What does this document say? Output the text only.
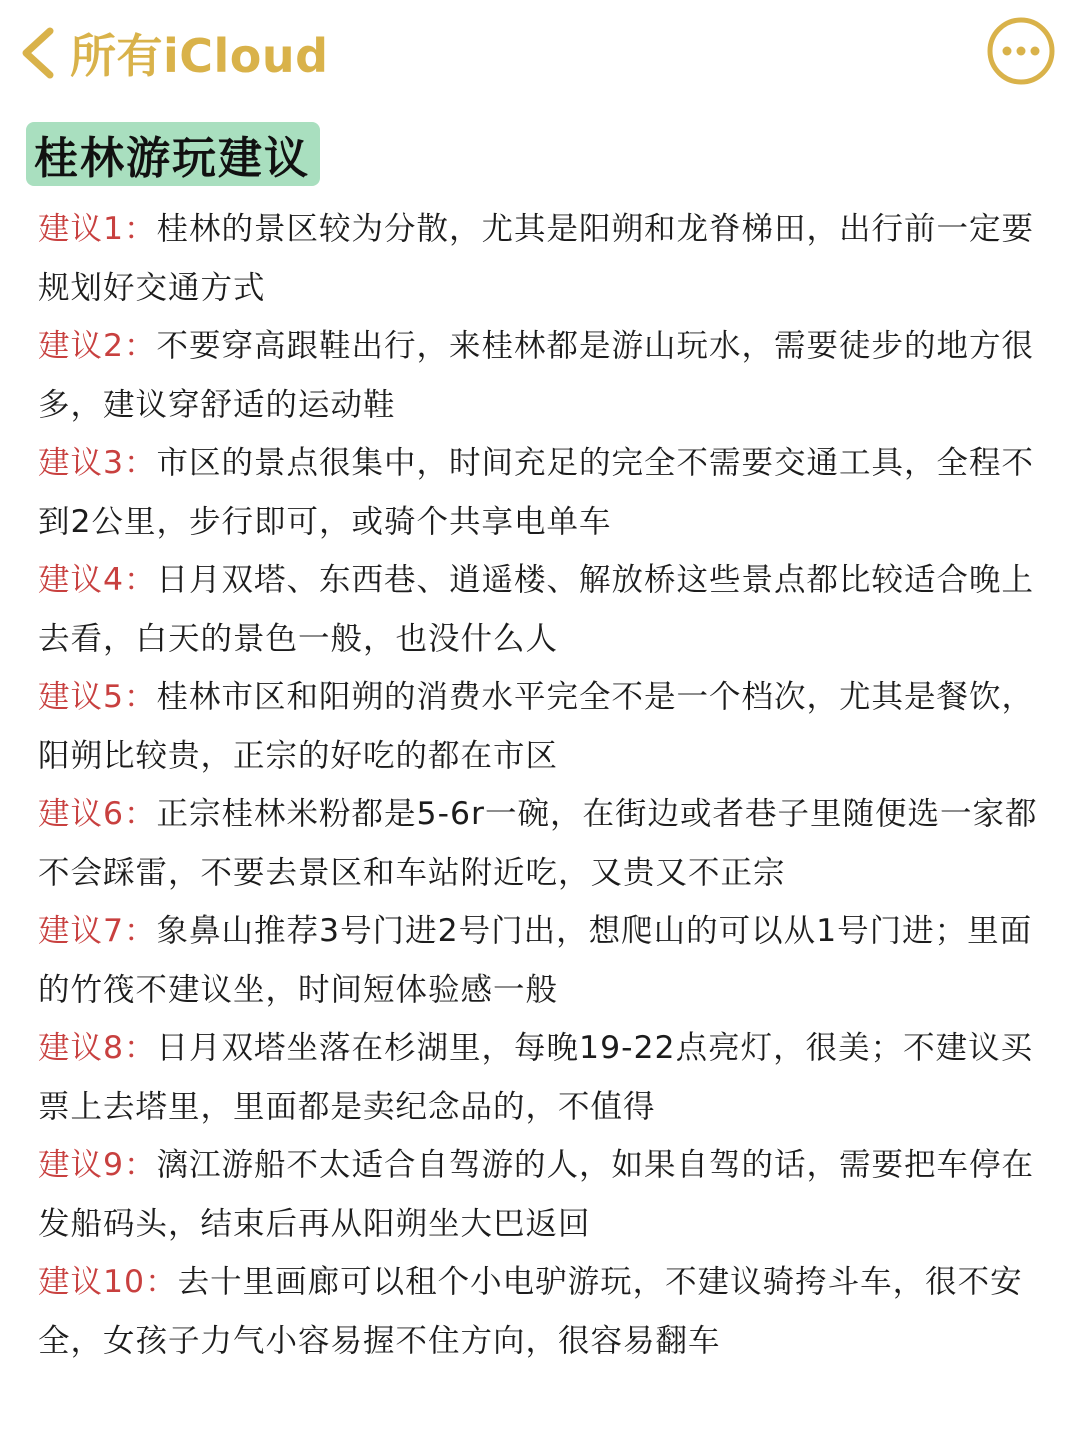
所有iCloud
桂林游玩建议

建议1：桂林的景区较为分散，尤其是阳朔和龙脊梯田，出行前一定要规划好交通方式

建议2：不要穿高跟鞋出行，来桂林都是游山玩水，需要徒步的地方很多，建议穿舒适的运动鞋

建议3：市区的景点很集中，时间充足的完全不需要交通工具，全程不到2公里，步行即可，或骑个共享电单车

建议4：日月双塔、东西巷、逍遥楼、解放桥这些景点都比较适合晚上去看，白天的景色一般，也没什么人

建议5：桂林市区和阳朔的消费水平完全不是一个档次，尤其是餐饮，阳朔比较贵，正宗的好吃的都在市区

建议6：正宗桂林米粉都是5-6r一碗，在街边或者巷子里随便选一家都不会踩雷，不要去景区和车站附近吃，又贵又不正宗

建议7：象鼻山推荐3号门进2号门出，想爬山的可以从1号门进；里面的竹筏不建议坐，时间短体验感一般

建议8：日月双塔坐落在杉湖里，每晚19-22点亮灯，很美；不建议买票上去塔里，里面都是卖纪念品的，不值得

建议9：漓江游船不太适合自驾游的人，如果自驾的话，需要把车停在发船码头，结束后再从阳朔坐大巴返回

建议10：去十里画廊可以租个小电驴游玩，不建议骑挎斗车，很不安全，女孩子力气小容易握不住方向，很容易翻车
